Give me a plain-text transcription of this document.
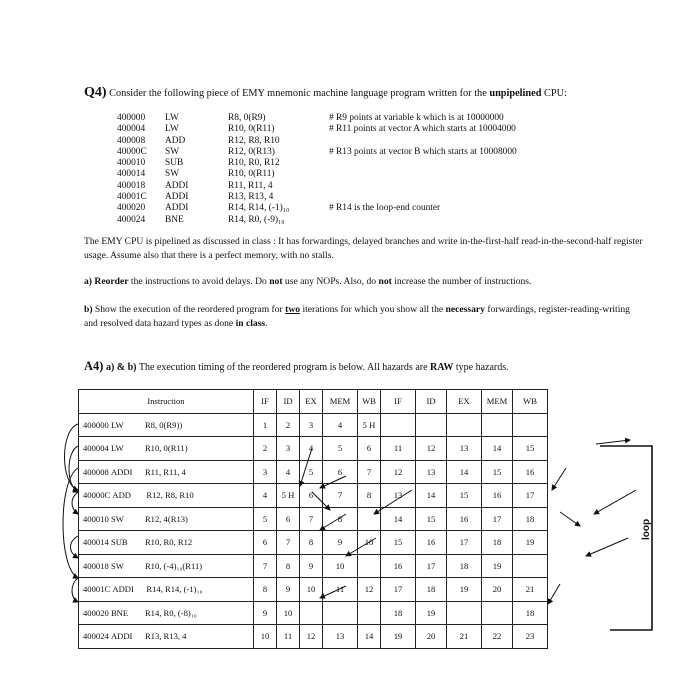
Q4) Consider the following piece of EMY mnemonic machine language program written for the unpipelined CPU:
400000 LW	R8, 0(R9)	# R9 points at variable k which is at 10000000
400004 LW	R10, 0(R11)	# R11 points at vector A which starts at 10004000
400008 ADD	R12, R8, R10
40000C SW	R12, 0(R13)	# R13 points at vector B which starts at 10008000
400010 SUB	R10, R0, R12
400014 SW	R10, 0(R11)
400018 ADDI	R11, R11, 4
40001C ADDI	R13, R13, 4
400020 ADDI	R14, R14, (-1)₁₀	# R14 is the loop-end counter
400024 BNE	R14, R0, (-9)₁₀
The EMY CPU is pipelined as discussed in class : It has forwardings, delayed branches and write in-the-first-half read-in-the-second-half register usage. Assume also that there is a perfect memory, with no stalls.
a) Reorder the instructions to avoid delays. Do not use any NOPs. Also, do not increase the number of instructions.
b) Show the execution of the reordered program for two iterations for which you show all the necessary forwardings, register-reading-writing and resolved data hazard types as done in class.
A4) a) & b) The execution timing of the reordered program is below. All hazards are RAW type hazards.
Instruction	IF	ID	EX	MEM	WB	IF	ID	EX	MEM	WB
400000 LW R8, 0(R9))	1	2	3	4	5 H					
400004 LW R10, 0(R11)	2	3	4	5	6	11	12	13	14	15
400008 ADDI R11, R11, 4	3	4	5	6	7	12	13	14	15	16
40000C ADD R12, R8, R10	4	5 H	6	7	8	13	14	15	16	17
400010 SW R12, 4(R13)	5	6	7	8		14	15	16	17	18
400014 SUB R10, R0, R12	6	7	8	9	10	15	16	17	18	19
400018 SW R10, (-4)₁₀(R11)	7	8	9	10		16	17	18	19	
40001C ADDI R14, R14, (-1)₁₀	8	9	10	11	12	17	18	19	20	21
400020 BNE R14, R0, (-8)₁₀	9	10				18	19			18
400024 ADDI R13, R13, 4	10	11	12	13	14	19	20	21	22	23
loop
